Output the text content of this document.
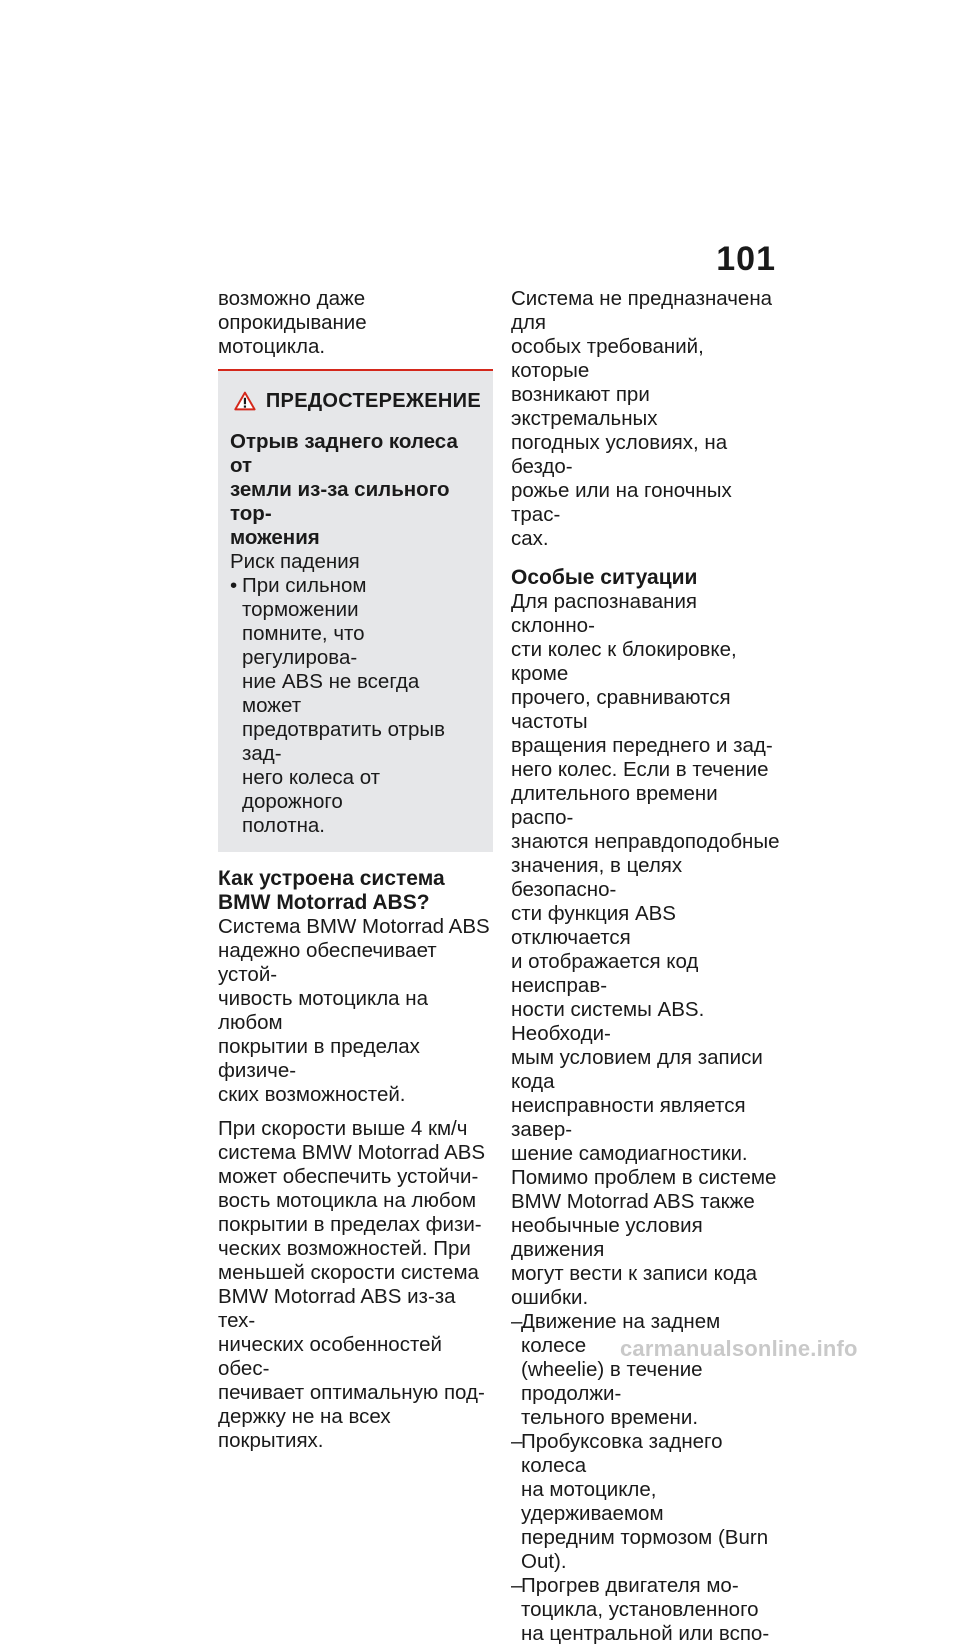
101

возможно даже опрокидывание
мотоцикла.

ПРЕДОСТЕРЕЖЕНИЕ
Отрыв заднего колеса от
земли из-за сильного тор-
можения
Риск падения
• При сильном торможении
помните, что регулирова-
ние ABS не всегда может
предотвратить отрыв зад-
него колеса от дорожного
полотна.
Как устроена система
BMW Motorrad ABS?

Система BMW Motorrad ABS
надежно обеспечивает устой-
чивость мотоцикла на любом
покрытии в пределах физиче-
ских возможностей.

При скорости выше 4 км/ч
система BMW Motorrad ABS
может обеспечить устойчи-
вость мотоцикла на любом
покрытии в пределах физи-
ческих возможностей. При
меньшей скорости система
BMW Motorrad ABS из-за тех-
нических особенностей обес-
печивает оптимальную под-
держку не на всех покрытиях.

Система не предназначена для
особых требований, которые
возникают при экстремальных
погодных условиях, на бездо-
рожье или на гоночных трас-
сах.

Особые ситуации

Для распознавания склонно-
сти колес к блокировке, кроме
прочего, сравниваются частоты
вращения переднего и зад-
него колес. Если в течение
длительного времени распо-
знаются неправдоподобные
значения, в целях безопасно-
сти функция ABS отключается
и отображается код неисправ-
ности системы ABS. Необходи-
мым условием для записи кода
неисправности является завер-
шение самодиагностики.
Помимо проблем в системе
BMW Motorrad ABS также
необычные условия движения
могут вести к записи кода
ошибки.

–
Движение на заднем колесе
(wheelie) в течение продолжи-
тельного времени.
–
Пробуксовка заднего колеса
на мотоцикле, удерживаемом
передним тормозом (Burn
Out).
–
Прогрев двигателя мо-
тоцикла, установленного
на центральной или вспо-
carmanualsonline.info
